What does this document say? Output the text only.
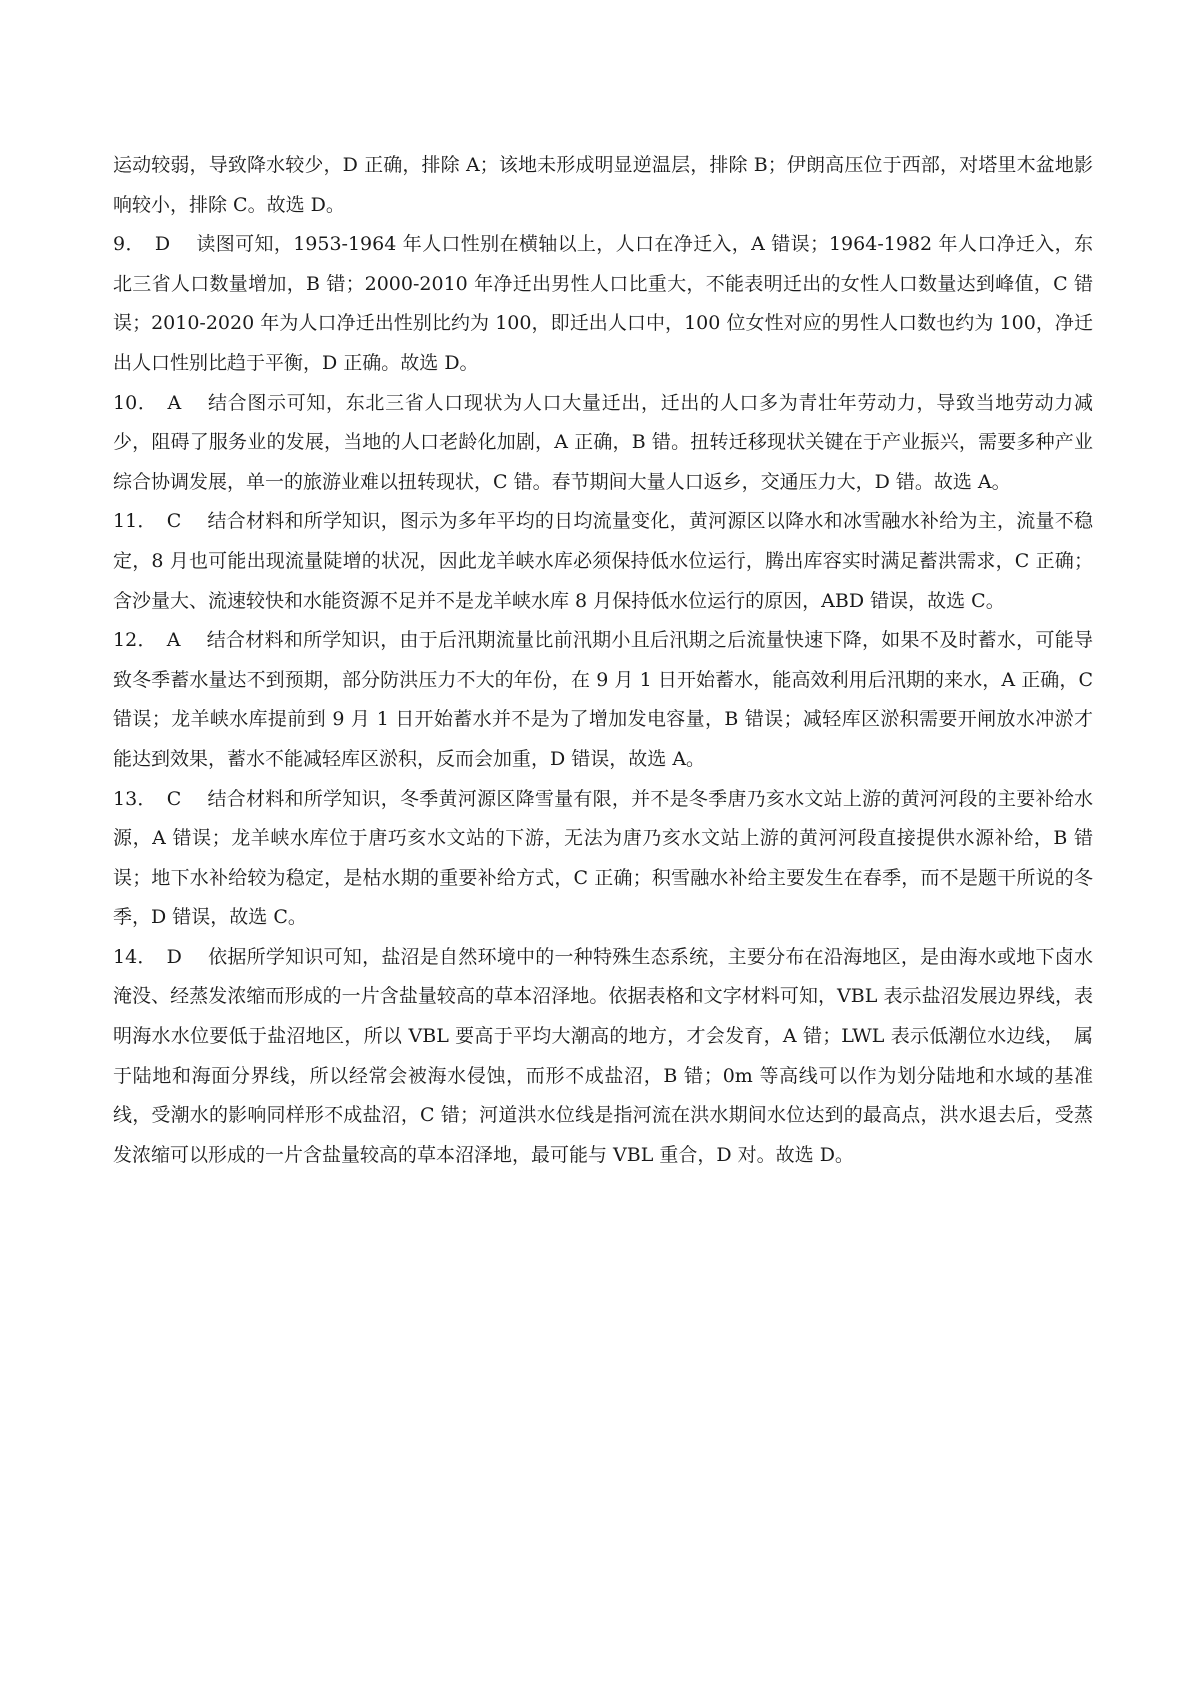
运动较弱，导致降水较少，D 正确，排除 A；该地未形成明显逆温层，排除 B；伊朗高压位于西部，对塔里木盆地影响较小，排除 C。故选 D。

9． D 读图可知，1953-1964 年人口性别在横轴以上，人口在净迁入，A 错误；1964-1982 年人口净迁入，东北三省人口数量增加，B 错；2000-2010 年净迁出男性人口比重大，不能表明迁出的女性人口数量达到峰值，C 错误；2010-2020 年为人口净迁出性别比约为 100，即迁出人口中，100 位女性对应的男性人口数也约为 100，净迁出人口性别比趋于平衡，D 正确。故选 D。

10． A 结合图示可知，东北三省人口现状为人口大量迁出，迁出的人口多为青壮年劳动力，导致当地劳动力减少，阻碍了服务业的发展，当地的人口老龄化加剧，A 正确，B 错。扭转迁移现状关键在于产业振兴，需要多种产业综合协调发展，单一的旅游业难以扭转现状，C 错。春节期间大量人口返乡，交通压力大，D 错。故选 A。

11． C 结合材料和所学知识，图示为多年平均的日均流量变化，黄河源区以降水和冰雪融水补给为主，流量不稳定，8 月也可能出现流量陡增的状况，因此龙羊峡水库必须保持低水位运行，腾出库容实时满足蓄洪需求，C 正确；含沙量大、流速较快和水能资源不足并不是龙羊峡水库 8 月保持低水位运行的原因，ABD 错误，故选 C。

12． A 结合材料和所学知识，由于后汛期流量比前汛期小且后汛期之后流量快速下降，如果不及时蓄水，可能导致冬季蓄水量达不到预期，部分防洪压力不大的年份，在 9 月 1 日开始蓄水，能高效利用后汛期的来水，A 正确，C 错误；龙羊峡水库提前到 9 月 1 日开始蓄水并不是为了增加发电容量，B 错误；减轻库区淤积需要开闸放水冲淤才能达到效果，蓄水不能减轻库区淤积，反而会加重，D 错误，故选 A。

13． C 结合材料和所学知识，冬季黄河源区降雪量有限，并不是冬季唐乃亥水文站上游的黄河河段的主要补给水源，A 错误；龙羊峡水库位于唐巧亥水文站的下游，无法为唐乃亥水文站上游的黄河河段直接提供水源补给，B 错误；地下水补给较为稳定，是枯水期的重要补给方式，C 正确；积雪融水补给主要发生在春季，而不是题干所说的冬季，D 错误，故选 C。

14． D 依据所学知识可知，盐沼是自然环境中的一种特殊生态系统，主要分布在沿海地区，是由海水或地下卤水淹没、经蒸发浓缩而形成的一片含盐量较高的草本沼泽地。依据表格和文字材料可知，VBL 表示盐沼发展边界线，表明海水水位要低于盐沼地区，所以 VBL 要高于平均大潮高的地方，才会发育，A 错；LWL 表示低潮位水边线，　属于陆地和海面分界线，所以经常会被海水侵蚀，而形不成盐沼，B 错；0m 等高线可以作为划分陆地和水域的基准线，受潮水的影响同样形不成盐沼，C 错；河道洪水位线是指河流在洪水期间水位达到的最高点，洪水退去后，受蒸发浓缩可以形成的一片含盐量较高的草本沼泽地，最可能与 VBL 重合，D 对。故选 D。
